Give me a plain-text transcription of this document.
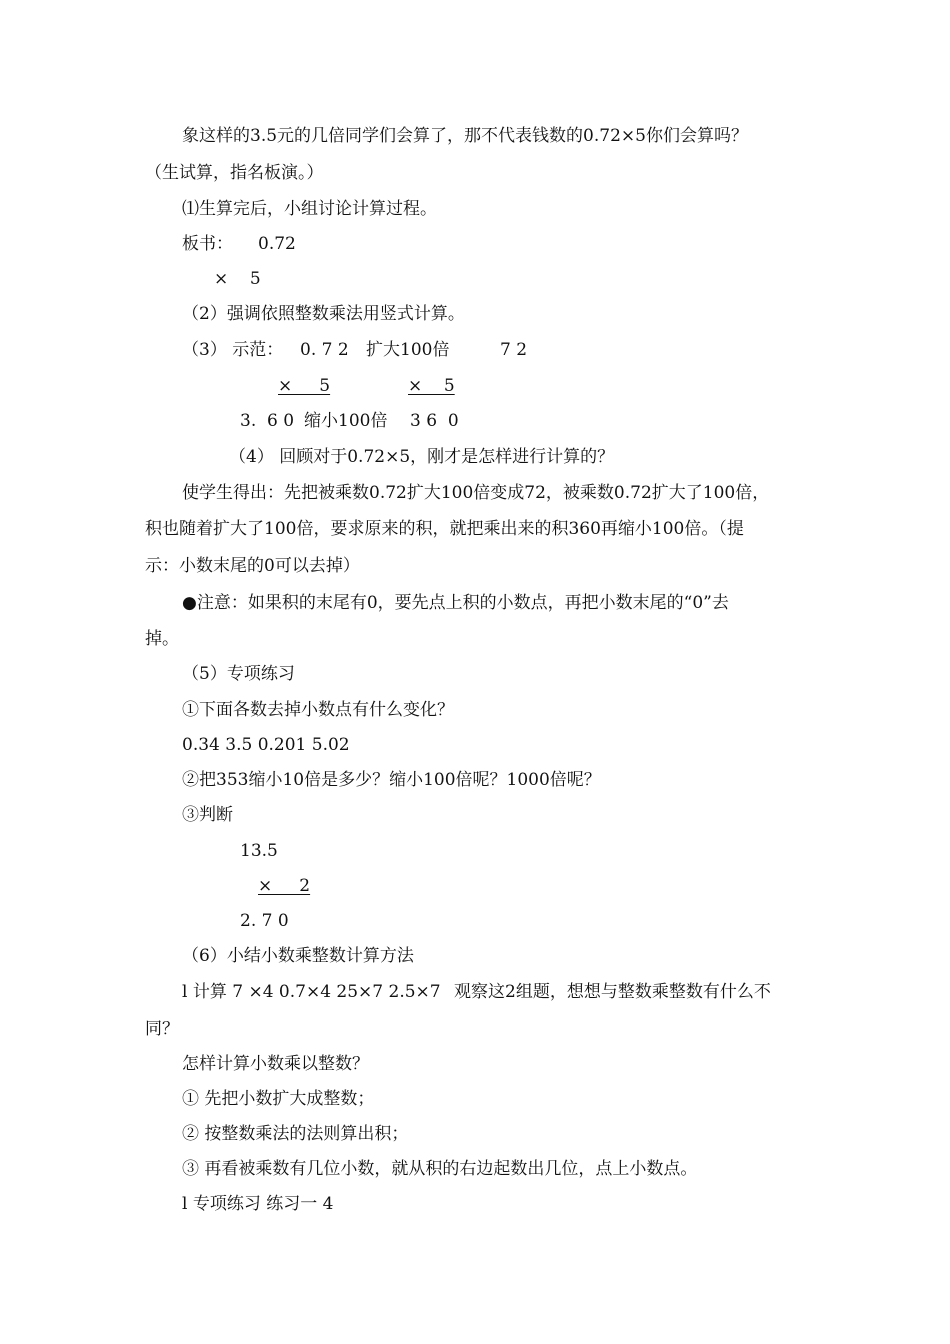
象这样的3.5元的几倍同学们会算了，那不代表钱数的0.72×5你们会算吗？
（生试算，指名板演。）
⑴生算完后，小组讨论计算过程。
板书： 0.72
×    5
（2）强调依照整数乘法用竖式计算。
（3） 示范： 0. 7 2 扩大100倍	7 2
×     5	×    5
3.  6 0 缩小100倍 3 6  0
（4） 回顾对于0.72×5，刚才是怎样进行计算的？
使学生得出：先把被乘数0.72扩大100倍变成72，被乘数0.72扩大了100倍，
积也随着扩大了100倍，要求原来的积，就把乘出来的积360再缩小100倍。（提
示：小数末尾的0可以去掉）
●注意：如果积的末尾有0，要先点上积的小数点，再把小数末尾的“0”去
掉。
（5）专项练习
①下面各数去掉小数点有什么变化？
0.34 3.5 0.201 5.02
②把353缩小10倍是多少？缩小100倍呢？1000倍呢？
③判断
13.5
×     2
2. 7 0
（6）小结小数乘整数计算方法
l 计算 7 ×4 0.7×4 25×7 2.5×7 观察这2组题，想想与整数乘整数有什么不
同？
怎样计算小数乘以整数？
① 先把小数扩大成整数；
② 按整数乘法的法则算出积；
③ 再看被乘数有几位小数，就从积的右边起数出几位，点上小数点。
l 专项练习 练习一 4
